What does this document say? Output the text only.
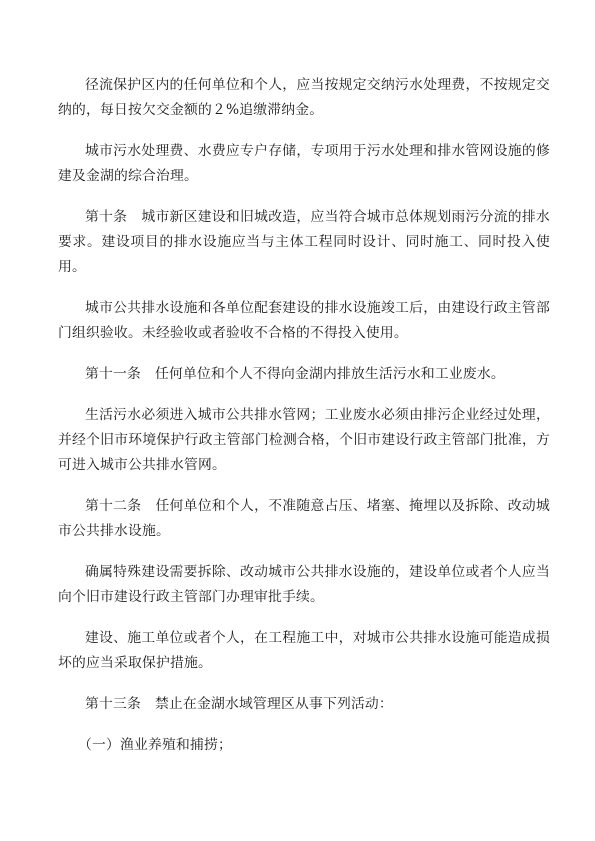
径流保护区内的任何单位和个人，应当按规定交纳污水处理费，不按规定交纳的，每日按欠交金额的２%追缴滞纳金。

城市污水处理费、水费应专户存储，专项用于污水处理和排水管网设施的修建及金湖的综合治理。

第十条　城市新区建设和旧城改造，应当符合城市总体规划雨污分流的排水要求。建设项目的排水设施应当与主体工程同时设计、同时施工、同时投入使用。

城市公共排水设施和各单位配套建设的排水设施竣工后，由建设行政主管部门组织验收。未经验收或者验收不合格的不得投入使用。

第十一条　任何单位和个人不得向金湖内排放生活污水和工业废水。

生活污水必须进入城市公共排水管网；工业废水必须由排污企业经过处理，并经个旧市环境保护行政主管部门检测合格，个旧市建设行政主管部门批准，方可进入城市公共排水管网。

第十二条　任何单位和个人，不准随意占压、堵塞、掩埋以及拆除、改动城市公共排水设施。

确属特殊建设需要拆除、改动城市公共排水设施的，建设单位或者个人应当向个旧市建设行政主管部门办理审批手续。

建设、施工单位或者个人，在工程施工中，对城市公共排水设施可能造成损坏的应当采取保护措施。

第十三条　禁止在金湖水域管理区从事下列活动：

（一）渔业养殖和捕捞；
